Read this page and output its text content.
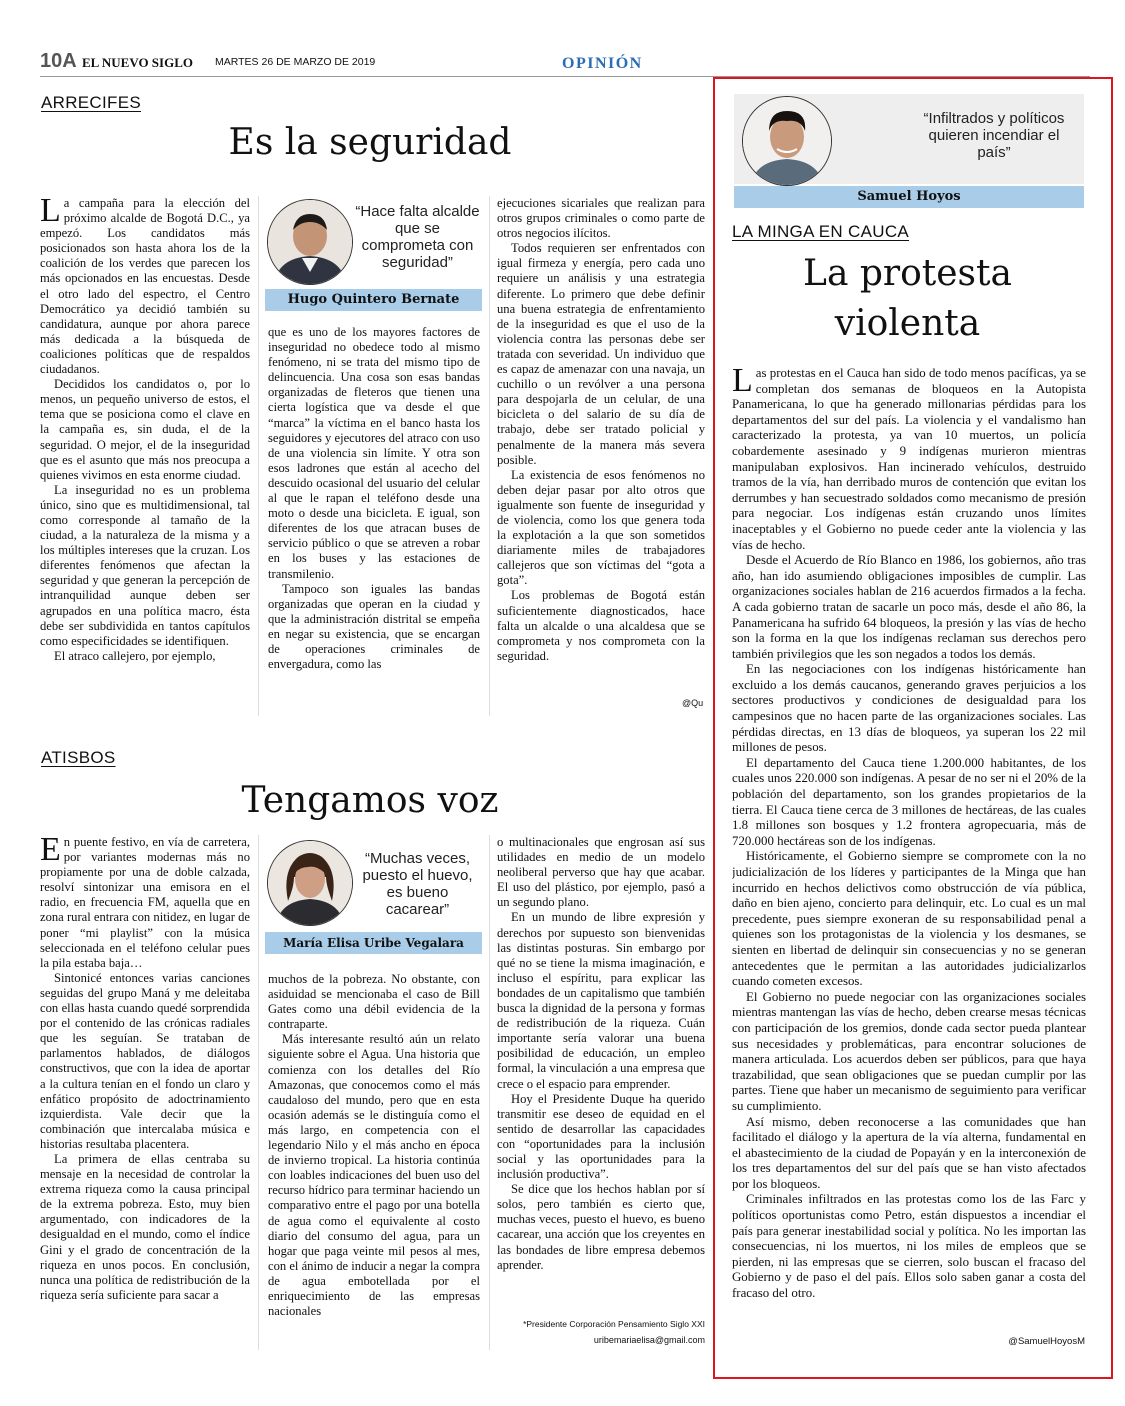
10A EL NUEVO SIGLO MARTES 26 DE MARZO DE 2019	OPINIÓN
ARRECIFES
Es la seguridad

La campaña para la elección del próximo alcalde de Bogotá D.C., ya empezó. Los candidatos más posicionados son hasta ahora los de la coalición de los verdes que parecen los más opcionados en las encuestas. Desde el otro lado del espectro, el Centro Democrático ya decidió también su candidatura, aunque por ahora parece más dedicada a la búsqueda de coaliciones políticas que de respaldos ciudadanos.

Decididos los candidatos o, por lo menos, un pequeño universo de estos, el tema que se posiciona como el clave en la campaña es, sin duda, el de la seguridad. O mejor, el de la inseguridad que es el asunto que más nos preocupa a quienes vivimos en esta enorme ciudad.

La inseguridad no es un problema único, sino que es multidimensional, tal como corresponde al tamaño de la ciudad, a la naturaleza de la misma y a los múltiples intereses que la cruzan. Los diferentes fenómenos que afectan la seguridad y que generan la percepción de intranquilidad aunque deben ser agrupados en una política macro, ésta debe ser subdividida en tantos capítulos como especificidades se identifiquen.

El atraco callejero, por ejemplo,

“Hace falta alcalde que se comprometa con seguridad”
Hugo Quintero Bernate

que es uno de los mayores factores de inseguridad no obedece todo al mismo fenómeno, ni se trata del mismo tipo de delincuencia. Una cosa son esas bandas organizadas de fleteros que tienen una cierta logística que va desde el que “marca” la víctima en el banco hasta los seguidores y ejecutores del atraco con uso de una violencia sin límite. Y otra son esos ladrones que están al acecho del descuido ocasional del usuario del celular al que le rapan el teléfono desde una moto o desde una bicicleta. E igual, son diferentes de los que atracan buses de servicio público o que se atreven a robar en los buses y las estaciones de transmilenio.

Tampoco son iguales las bandas organizadas que operan en la ciudad y que la administración distrital se empeña en negar su existencia, que se encargan de operaciones criminales de envergadura, como las

ejecuciones sicariales que realizan para otros grupos criminales o como parte de otros negocios ilícitos.

Todos requieren ser enfrentados con igual firmeza y energía, pero cada uno requiere un análisis y una estrategia diferente. Lo primero que debe definir una buena estrategia de enfrentamiento de la inseguridad es que el uso de la violencia contra las personas debe ser tratada con severidad. Un individuo que es capaz de amenazar con una navaja, un cuchillo o un revólver a una persona para despojarla de un celular, de una bicicleta o del salario de su día de trabajo, debe ser tratado policial y penalmente de la manera más severa posible.

La existencia de esos fenómenos no deben dejar pasar por alto otros que igualmente son fuente de inseguridad y de violencia, como los que genera toda la explotación a la que son sometidos diariamente miles de trabajadores callejeros que son víctimas del “gota a gota”.

Los problemas de Bogotá están suficientemente diagnosticados, hace falta un alcalde o una alcaldesa que se comprometa y nos comprometa con la seguridad.

@Qu
ATISBOS
Tengamos voz

En puente festivo, en vía de carretera, por variantes modernas más no propiamente por una de doble calzada, resolví sintonizar una emisora en el radio, en frecuencia FM, aquella que en zona rural entrara con nitidez, en lugar de poner “mi playlist” con la música seleccionada en el teléfono celular pues la pila estaba baja…

Sintonicé entonces varias canciones seguidas del grupo Maná y me deleitaba con ellas hasta cuando quedé sorprendida por el contenido de las crónicas radiales que les seguían. Se trataban de parlamentos hablados, de diálogos constructivos, que con la idea de aportar a la cultura tenían en el fondo un claro y enfático propósito de adoctrinamiento izquierdista. Vale decir que la combinación que intercalaba música e historias resultaba placentera.

La primera de ellas centraba su mensaje en la necesidad de controlar la extrema riqueza como la causa principal de la extrema pobreza. Esto, muy bien argumentado, con indicadores de la desigualdad en el mundo, como el índice Gini y el grado de concentración de la riqueza en unos pocos. En conclusión, nunca una política de redistribución de la riqueza sería suficiente para sacar a

“Muchas veces, puesto el huevo, es bueno cacarear”
María Elisa Uribe Vegalara

muchos de la pobreza. No obstante, con asiduidad se mencionaba el caso de Bill Gates como una débil evidencia de la contraparte.

Más interesante resultó aún un relato siguiente sobre el Agua. Una historia que comienza con los detalles del Río Amazonas, que conocemos como el más caudaloso del mundo, pero que en esta ocasión además se le distinguía como el más largo, en competencia con el legendario Nilo y el más ancho en época de invierno tropical. La historia continúa con loables indicaciones del buen uso del recurso hídrico para terminar haciendo un comparativo entre el pago por una botella de agua como el equivalente al costo diario del consumo del agua, para un hogar que paga veinte mil pesos al mes, con el ánimo de inducir a negar la compra de agua embotellada por el enriquecimiento de las empresas nacionales

o multinacionales que engrosan así sus utilidades en medio de un modelo neoliberal perverso que hay que acabar. El uso del plástico, por ejemplo, pasó a un segundo plano.

En un mundo de libre expresión y derechos por supuesto son bienvenidas las distintas posturas. Sin embargo por qué no se tiene la misma imaginación, e incluso el espíritu, para explicar las bondades de un capitalismo que también busca la dignidad de la persona y formas de redistribución de la riqueza. Cuán importante sería valorar una buena posibilidad de educación, un empleo formal, la vinculación a una empresa que crece o el espacio para emprender.

Hoy el Presidente Duque ha querido transmitir ese deseo de equidad en el sentido de desarrollar las capacidades con “oportunidades para la inclusión social y las oportunidades para la inclusión productiva”.

Se dice que los hechos hablan por sí solos, pero también es cierto que, muchas veces, puesto el huevo, es bueno cacarear, una acción que los creyentes en las bondades de libre empresa debemos aprender.

*Presidente Corporación Pensamiento Siglo XXI
uribemariaelisa@gmail.com
“Infiltrados y políticos quieren incendiar el país”
Samuel Hoyos
LA MINGA EN CAUCA
La protesta
violenta

Las protestas en el Cauca han sido de todo menos pacíficas, ya se completan dos semanas de bloqueos en la Autopista Panamericana, lo que ha generado millonarias pérdidas para los departamentos del sur del país. La violencia y el vandalismo han caracterizado la protesta, ya van 10 muertos, un policía cobardemente asesinado y 9 indígenas murieron mientras manipulaban explosivos. Han incinerado vehículos, destruido tramos de la vía, han derribado muros de contención que evitan los derrumbes y han secuestrado soldados como mecanismo de presión para negociar. Los indígenas están cruzando unos límites inaceptables y el Gobierno no puede ceder ante la violencia y las vías de hecho.

Desde el Acuerdo de Río Blanco en 1986, los gobiernos, año tras año, han ido asumiendo obligaciones imposibles de cumplir. Las organizaciones sociales hablan de 216 acuerdos firmados a la fecha. A cada gobierno tratan de sacarle un poco más, desde el año 86, la Panamericana ha sufrido 64 bloqueos, la presión y las vías de hecho son la forma en la que los indígenas reclaman sus derechos pero también privilegios que les son negados a todos los demás.

En las negociaciones con los indígenas históricamente han excluido a los demás caucanos, generando graves perjuicios a los sectores productivos y condiciones de desigualdad para los campesinos que no hacen parte de las organizaciones sociales. Las pérdidas directas, en 13 días de bloqueos, ya superan los 22 mil millones de pesos.

El departamento del Cauca tiene 1.200.000 habitantes, de los cuales unos 220.000 son indígenas. A pesar de no ser ni el 20% de la población del departamento, son los grandes propietarios de la tierra. El Cauca tiene cerca de 3 millones de hectáreas, de las cuales 1.8 millones son bosques y 1.2 frontera agropecuaria, más de 720.000 hectáreas son de los indígenas.

Históricamente, el Gobierno siempre se compromete con la no judicialización de los líderes y participantes de la Minga que han incurrido en hechos delictivos como obstrucción de vía pública, daño en bien ajeno, concierto para delinquir, etc. Lo cual es un mal precedente, pues siempre exoneran de su responsabilidad penal a quienes son los protagonistas de la violencia y los desmanes, se sienten en libertad de delinquir sin consecuencias y no se generan antecedentes que le permitan a las autoridades judicializarlos cuando cometen excesos.

El Gobierno no puede negociar con las organizaciones sociales mientras mantengan las vías de hecho, deben crearse mesas técnicas con participación de los gremios, donde cada sector pueda plantear sus necesidades y problemáticas, para encontrar soluciones de manera articulada. Los acuerdos deben ser públicos, para que haya trazabilidad, que sean obligaciones que se puedan cumplir por las partes. Tiene que haber un mecanismo de seguimiento para verificar su cumplimiento.

Así mismo, deben reconocerse a las comunidades que han facilitado el diálogo y la apertura de la vía alterna, fundamental en el abastecimiento de la ciudad de Popayán y en la interconexión de los tres departamentos del sur del país que se han visto afectados por los bloqueos.

Criminales infiltrados en las protestas como los de las Farc y políticos oportunistas como Petro, están dispuestos a incendiar el país para generar inestabilidad social y política. No les importan las consecuencias, ni los muertos, ni los miles de empleos que se pierden, ni las empresas que se cierren, solo buscan el fracaso del Gobierno y de paso el del país. Ellos solo saben ganar a costa del fracaso del otro.

@SamuelHoyosM
